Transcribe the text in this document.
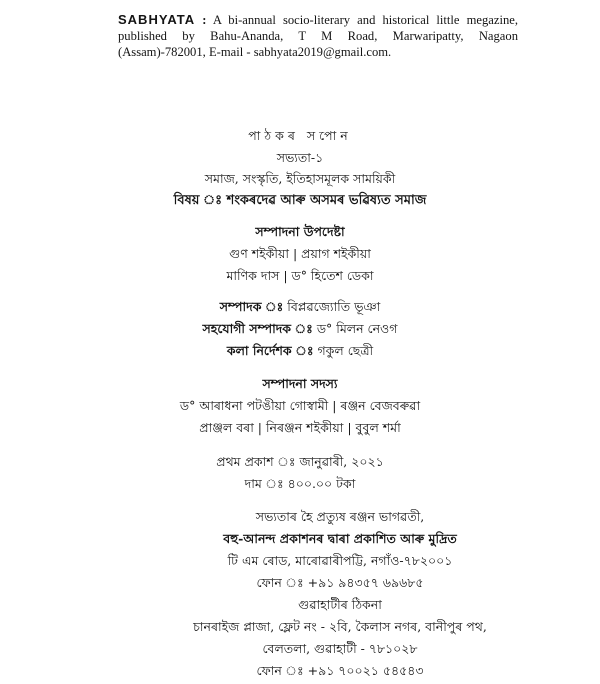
SABHYATA : A bi-annual socio-literary and historical little megazine, published by Bahu-Ananda, T M Road, Marwaripatty, Nagaon (Assam)-782001, E-mail - sabhyata2019@gmail.com.
পাঠকৰ সপোন
সভ্যতা-১
সমাজ, সংস্কৃতি, ইতিহাসমূলক সাময়িকী
বিষয় ঃ শংকৰদেৱ আৰু অসমৰ ভৱিষ্যত সমাজ
সম্পাদনা উপদেষ্টা
গুণ শইকীয়া | প্ৰয়াগ শইকীয়া
মাণিক দাস | ড° হিতেশ ডেকা
সম্পাদক ঃ বিপ্লৱজ্যোতি ভূঞা
সহযোগী সম্পাদক ঃ ড° মিলন নেওগ
কলা নিৰ্দেশক ঃ গকুল ছেত্ৰী
সম্পাদনা সদস্য
ড° আৰাধনা পটঙীয়া গোস্বামী | ৰঞ্জন বেজবৰুৱা
প্ৰাঞ্জল বৰা | নিৰঞ্জন শইকীয়া | বুবুল শৰ্মা
প্ৰথম প্ৰকাশ ঃ জানুৱাৰী, ২০২১
দাম ঃ ৪০০.০০ টকা
সভ্যতাৰ হৈ প্ৰত্যুষ ৰঞ্জন ভাগৱতী,
বহু-আনন্দ প্ৰকাশনৰ দ্বাৰা প্ৰকাশিত আৰু মুদ্ৰিত
টি এম ৰোড, মাৰোৱাৰীপট্টি, নগাঁও-৭৮২০০১
ফোন ঃ +৯১ ৯৪৩৫৭ ৬৯৬৮৫
গুৱাহাটীৰ ঠিকনা
চানৰাইজ প্লাজা, ফ্লেট নং - ২বি, কৈলাস নগৰ, বানীপুৰ পথ,
বেলতলা, গুৱাহাটী - ৭৮১০২৮
ফোন ঃ +৯১ ৭০০২১ ৫৪৫৪৩
